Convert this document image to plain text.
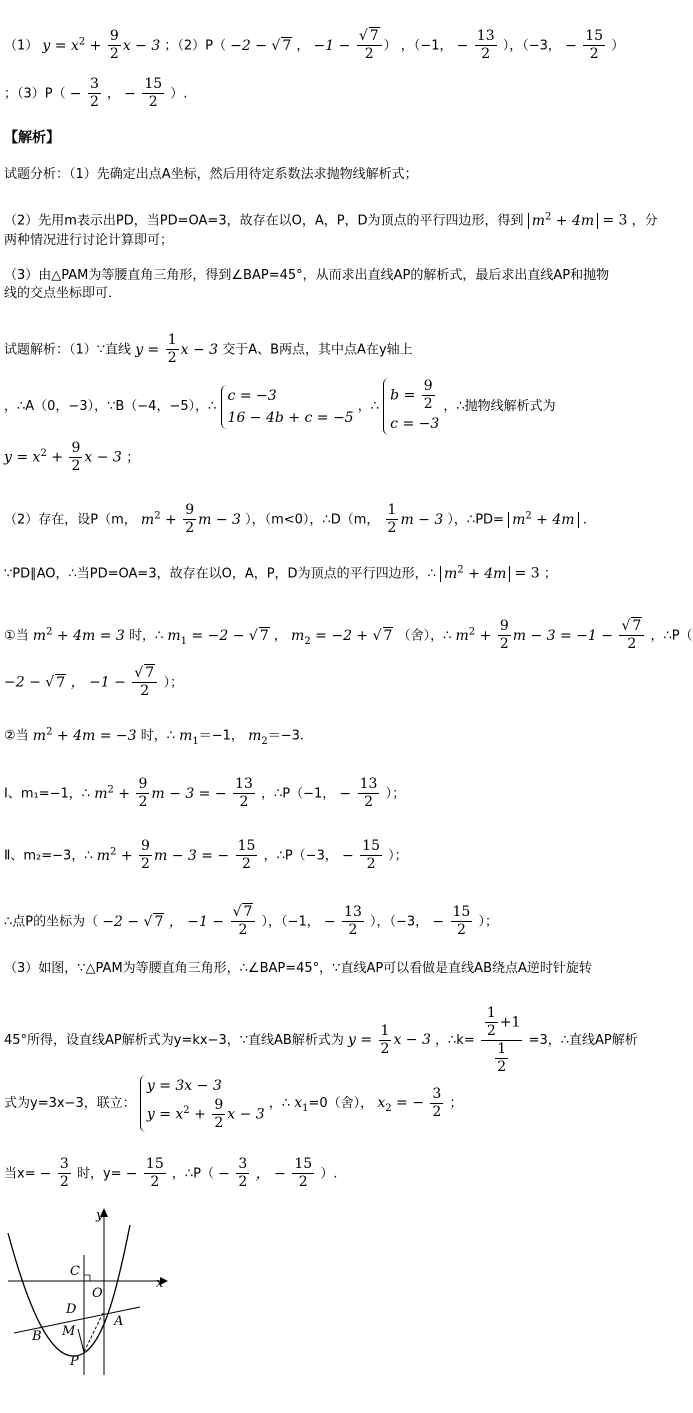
（1） $y = x^2 + \frac{9}{2}$ x − 3 ；（2）P（ −2 − √ 7 ， $-1 - \frac{√ 7}{2}$ ） ，（−1， − $\frac{13}{2}$ ），（−3， − $\frac{15}{2}$ ）
；$(3)P( - \frac{3}{2}$ ， − $\frac{15}{2}$ ）.
【解析】
试题分析：（1）先确定出点A坐标，然后用待定系数法求抛物线解析式；
（2）先用m表示出PD，当PD=OA=3，故存在以O，A，P，D为顶点的平行四边形，得到 $m^2 + 4m = 3$ ，分
两种情况进行讨论计算即可；
（3）由△PAM为等腰直角三角形，得到∠BAP=45°，从而求出直线AP的解析式，最后求出直线AP和抛物
线的交点坐标即可．
试题解析：（1）∵直线 $y = \frac{1}{2}$ x − 3 交于A、B两点，其中点A在y轴上
，∴A（0，−3），∵B（−4，−5），∴
c = −3
16 − 4b + c = −5
，∴
$b = \frac{9}{2}$
c = −3
，∴抛物线解析式为
$y = x^2 + \frac{9}{2}$ x − 3 ；
（2）存在，设P（m， $m^2 + \frac{9}{2}$ m − 3 ），（m<0），∴D（m， $\frac{1}{2}$ m − 3 ），∴PD= $m^2 + 4m$ .
∵PD∥AO，∴当PD=OA=3，故存在以O，A，P，D为顶点的平行四边形，∴ $m^2 + 4m = 3$ ；
①当 $m^2 + 4m = 3$ 时，∴ $m_1 = -2$ − √ 7 ， $m_2 = -2$ + √ 7 （舍），∴ $m^2 + \frac{9}{2}$ $m - 3 = -1 - \frac{√ 7}{2}$ ，∴P（
−2 − √ 7 ， $-1 - \frac{√ 7}{2}$ ）；
②当 $m^2 + 4m = -3$ 时，∴ $m_1=-1$， $m_2=-3$.
Ⅰ、m₁=−1，∴ $m^2 + \frac{9}{2}$ m − 3 = − $\frac{13}{2}$ ，∴P（−1， − $\frac{13}{2}$ ）；
Ⅱ、m₂=−3，∴ $m^2 + \frac{9}{2}$ m − 3 = − $\frac{15}{2}$ ，∴P（−3， − $\frac{15}{2}$ ）；
∴点P的坐标为（ −2 − √ 7 ， $-1 - \frac{√ 7}{2}$ ），（−1， − $\frac{13}{2}$ ），（−3， − $\frac{15}{2}$ ）；
（3）如图，∵△PAM为等腰直角三角形，∴∠BAP=45°，∵直线AP可以看做是直线AB绕点A逆时针旋转
45°所得，设直线AP解析式为y=kx−3，∵直线AB解析式为 $y = \frac{1}{2}$ x − 3 ，∴k= $\frac{\frac{1}{2} +1}{\frac{1}{2}} =3$，∴直线AP解析
式为y=3x−3，联立：
y = 3x − 3
$y = x^2 + \frac{9}{2}$ x − 3
，∴ $x_1=0$（舍）， $x_2$ = − $\frac{3}{2}$ ；
当$x= - \frac{3}{2}$ 时，$y= - \frac{15}{2}$ ，∴P（ − $\frac{3}{2}$ ， − $\frac{15}{2}$ ）.
y
x
C
O
D
A
B M
P
